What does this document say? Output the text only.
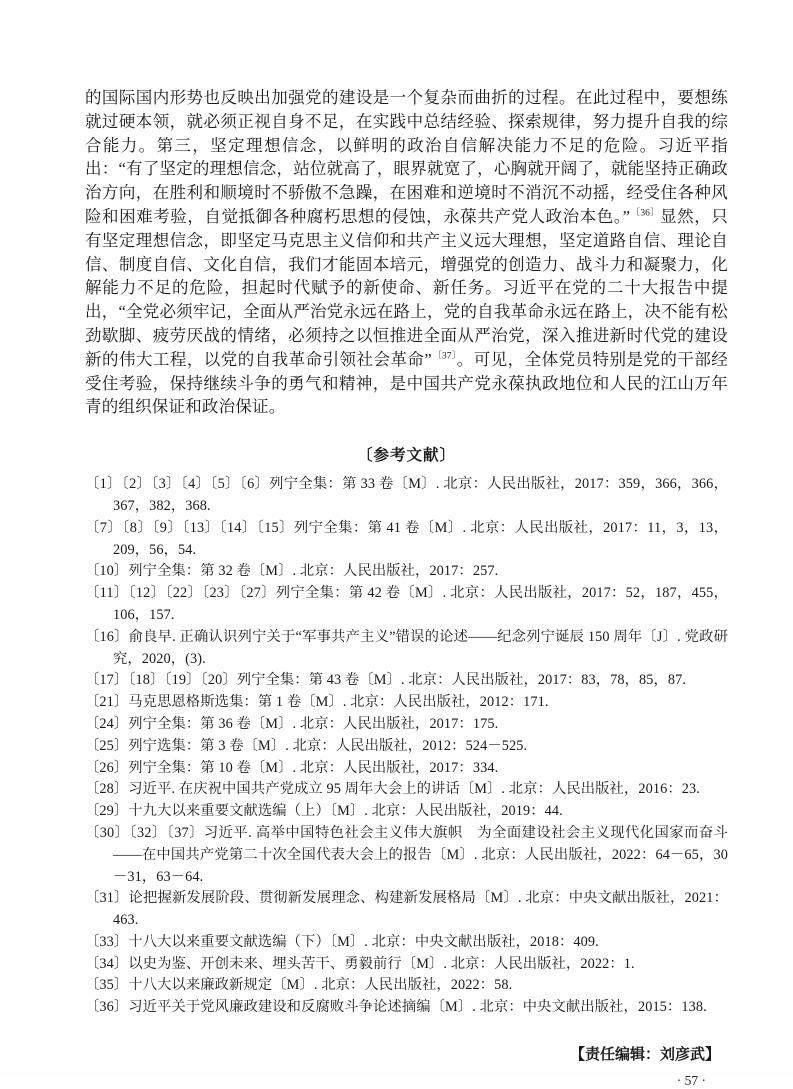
的国际国内形势也反映出加强党的建设是一个复杂而曲折的过程。在此过程中，要想练就过硬本领，就必须正视自身不足，在实践中总结经验、探索规律，努力提升自我的综合能力。第三，坚定理想信念，以鲜明的政治自信解决能力不足的危险。习近平指出：“有了坚定的理想信念，站位就高了，眼界就宽了，心胸就开阔了，就能坚持正确政治方向，在胜利和顺境时不骄傲不急躁，在困难和逆境时不消沉不动摇，经受住各种风险和困难考验，自觉抵御各种腐朽思想的侵蚀，永葆共产党人政治本色。”$^{〔36〕}$显然，只有坚定理想信念，即坚定马克思主义信仰和共产主义远大理想，坚定道路自信、理论自信、制度自信、文化自信，我们才能固本培元，增强党的创造力、战斗力和凝聚力，化解能力不足的危险，担起时代赋予的新使命、新任务。习近平在党的二十大报告中提出，“全党必须牢记，全面从严治党永远在路上，党的自我革命永远在路上，决不能有松劲歇脚、疲劳厌战的情绪，必须持之以恒推进全面从严治党，深入推进新时代党的建设新的伟大工程，以党的自我革命引领社会革命”$^{〔37〕}$。可见，全体党员特别是党的干部经受住考验，保持继续斗争的勇气和精神，是中国共产党永葆执政地位和人民的江山万年青的组织保证和政治保证。

〔参考文献〕
〔1〕〔2〕〔3〕〔4〕〔5〕〔6〕列宁全集：第 33 卷〔M〕. 北京：人民出版社，2017：359，366，366，367，382，368.
〔7〕〔8〕〔9〕〔13〕〔14〕〔15〕列宁全集：第 41 卷〔M〕. 北京：人民出版社，2017：11，3，13，209，56，54.
〔10〕列宁全集：第 32 卷〔M〕. 北京：人民出版社，2017：257.
〔11〕〔12〕〔22〕〔23〕〔27〕列宁全集：第 42 卷〔M〕. 北京：人民出版社，2017：52，187，455，106，157.
〔16〕俞良早. 正确认识列宁关于“军事共产主义”错误的论述——纪念列宁诞辰 150 周年〔J〕. 党政研究，2020，(3).
〔17〕〔18〕〔19〕〔20〕列宁全集：第 43 卷〔M〕. 北京：人民出版社，2017：83，78，85，87.
〔21〕马克思恩格斯选集：第 1 卷〔M〕. 北京：人民出版社，2012：171.
〔24〕列宁全集：第 36 卷〔M〕. 北京：人民出版社，2017：175.
〔25〕列宁选集：第 3 卷〔M〕. 北京：人民出版社，2012：524－525.
〔26〕列宁全集：第 10 卷〔M〕. 北京：人民出版社，2017：334.
〔28〕习近平. 在庆祝中国共产党成立 95 周年大会上的讲话〔M〕. 北京：人民出版社，2016：23.
〔29〕十九大以来重要文献选编（上）〔M〕. 北京：人民出版社，2019：44.
〔30〕〔32〕〔37〕习近平. 高举中国特色社会主义伟大旗帜　为全面建设社会主义现代化国家而奋斗——在中国共产党第二十次全国代表大会上的报告〔M〕. 北京：人民出版社，2022：64－65，30－31，63－64.
〔31〕论把握新发展阶段、贯彻新发展理念、构建新发展格局〔M〕. 北京：中央文献出版社，2021：463.
〔33〕十八大以来重要文献选编（下）〔M〕. 北京：中央文献出版社，2018：409.
〔34〕以史为鉴、开创未来、埋头苦干、勇毅前行〔M〕. 北京：人民出版社，2022：1.
〔35〕十八大以来廉政新规定〔M〕. 北京：人民出版社，2022：58.
〔36〕习近平关于党风廉政建设和反腐败斗争论述摘编〔M〕. 北京：中央文献出版社，2015：138.
【责任编辑：刘彦武】
· 57 ·
